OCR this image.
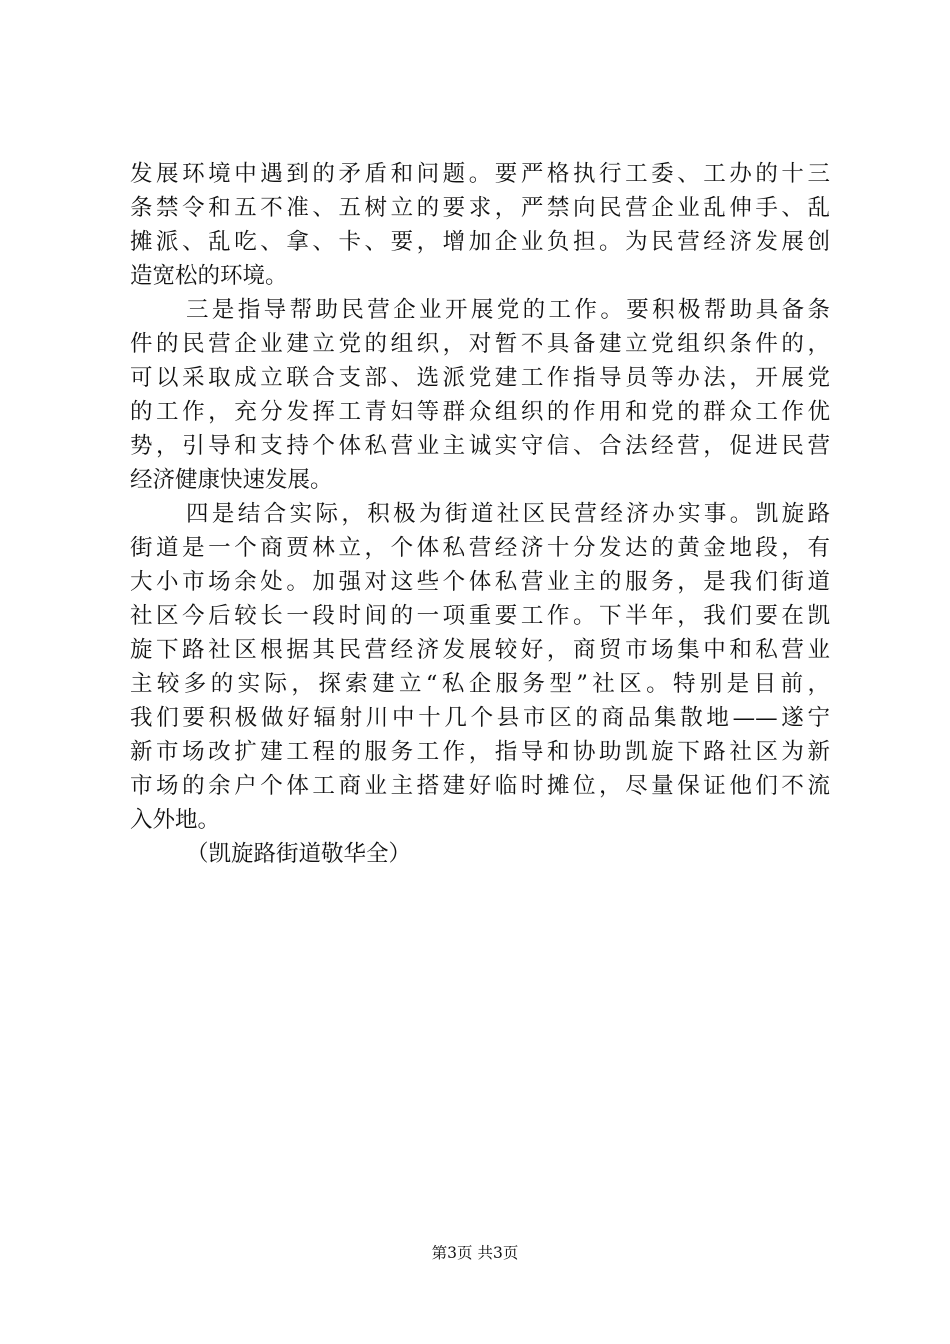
发展环境中遇到的矛盾和问题。要严格执行工委、工办的十三
条禁令和五不准、五树立的要求，严禁向民营企业乱伸手、乱
摊派、乱吃、拿、卡、要，增加企业负担。为民营经济发展创
造宽松的环境。
三是指导帮助民营企业开展党的工作。要积极帮助具备条
件的民营企业建立党的组织，对暂不具备建立党组织条件的，
可以采取成立联合支部、选派党建工作指导员等办法，开展党
的工作，充分发挥工青妇等群众组织的作用和党的群众工作优
势，引导和支持个体私营业主诚实守信、合法经营，促进民营
经济健康快速发展。
四是结合实际，积极为街道社区民营经济办实事。凯旋路
街道是一个商贾林立，个体私营经济十分发达的黄金地段，有
大小市场余处。加强对这些个体私营业主的服务，是我们街道
社区今后较长一段时间的一项重要工作。下半年，我们要在凯
旋下路社区根据其民营经济发展较好，商贸市场集中和私营业
主较多的实际，探索建立“私企服务型”社区。特别是目前，
我们要积极做好辐射川中十几个县市区的商品集散地——遂宁
新市场改扩建工程的服务工作，指导和协助凯旋下路社区为新
市场的余户个体工商业主搭建好临时摊位，尽量保证他们不流
入外地。
（凯旋路街道敬华全）
第3页 共3页
